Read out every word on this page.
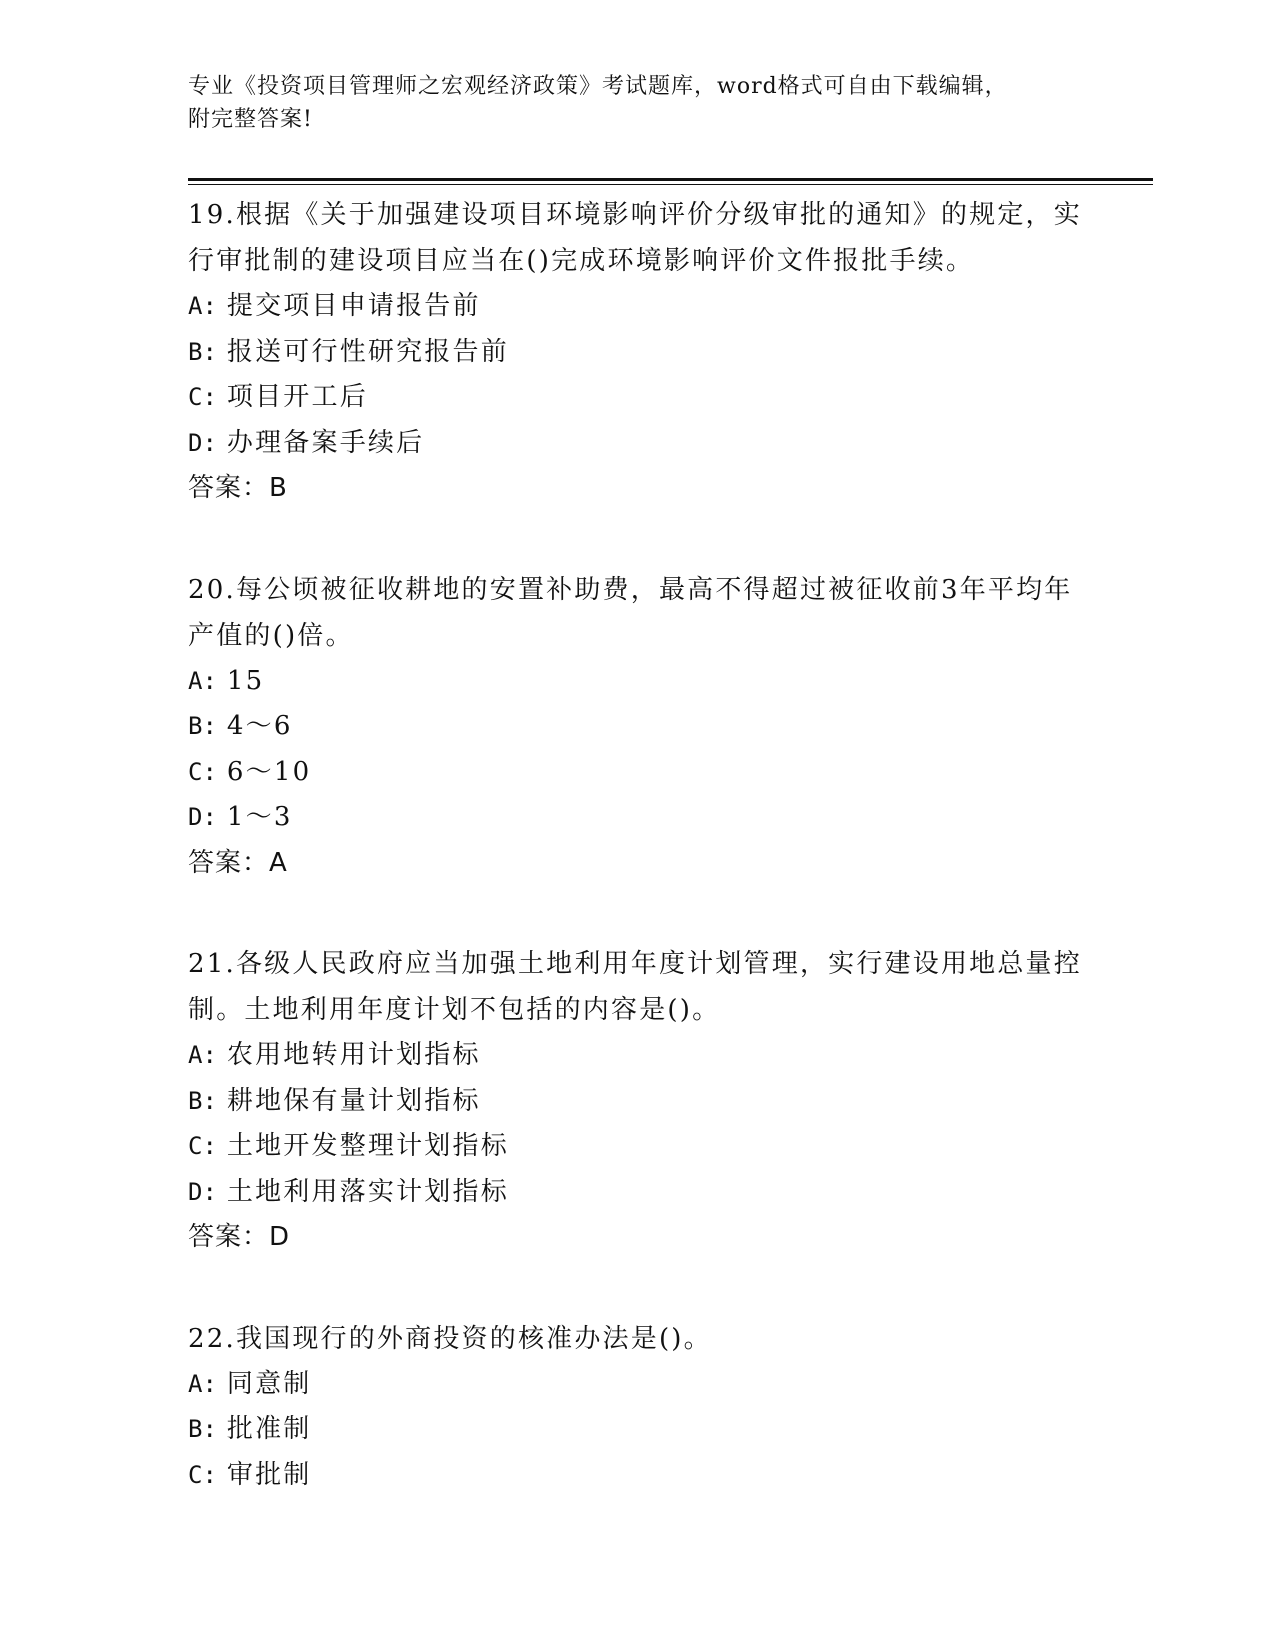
专业《投资项目管理师之宏观经济政策》考试题库，word格式可自由下载编辑，
附完整答案!
19.根据《关于加强建设项目环境影响评价分级审批的通知》的规定，实行审批制的建设项目应当在()完成环境影响评价文件报批手续。
A: 提交项目申请报告前
B: 报送可行性研究报告前
C: 项目开工后
D: 办理备案手续后
答案：B
20.每公顷被征收耕地的安置补助费，最高不得超过被征收前3年平均年产值的()倍。
A: 15
B: 4～6
C: 6～10
D: 1～3
答案：A
21.各级人民政府应当加强土地利用年度计划管理，实行建设用地总量控制。土地利用年度计划不包括的内容是()。
A: 农用地转用计划指标
B: 耕地保有量计划指标
C: 土地开发整理计划指标
D: 土地利用落实计划指标
答案：D
22.我国现行的外商投资的核准办法是()。
A: 同意制
B: 批准制
C: 审批制
